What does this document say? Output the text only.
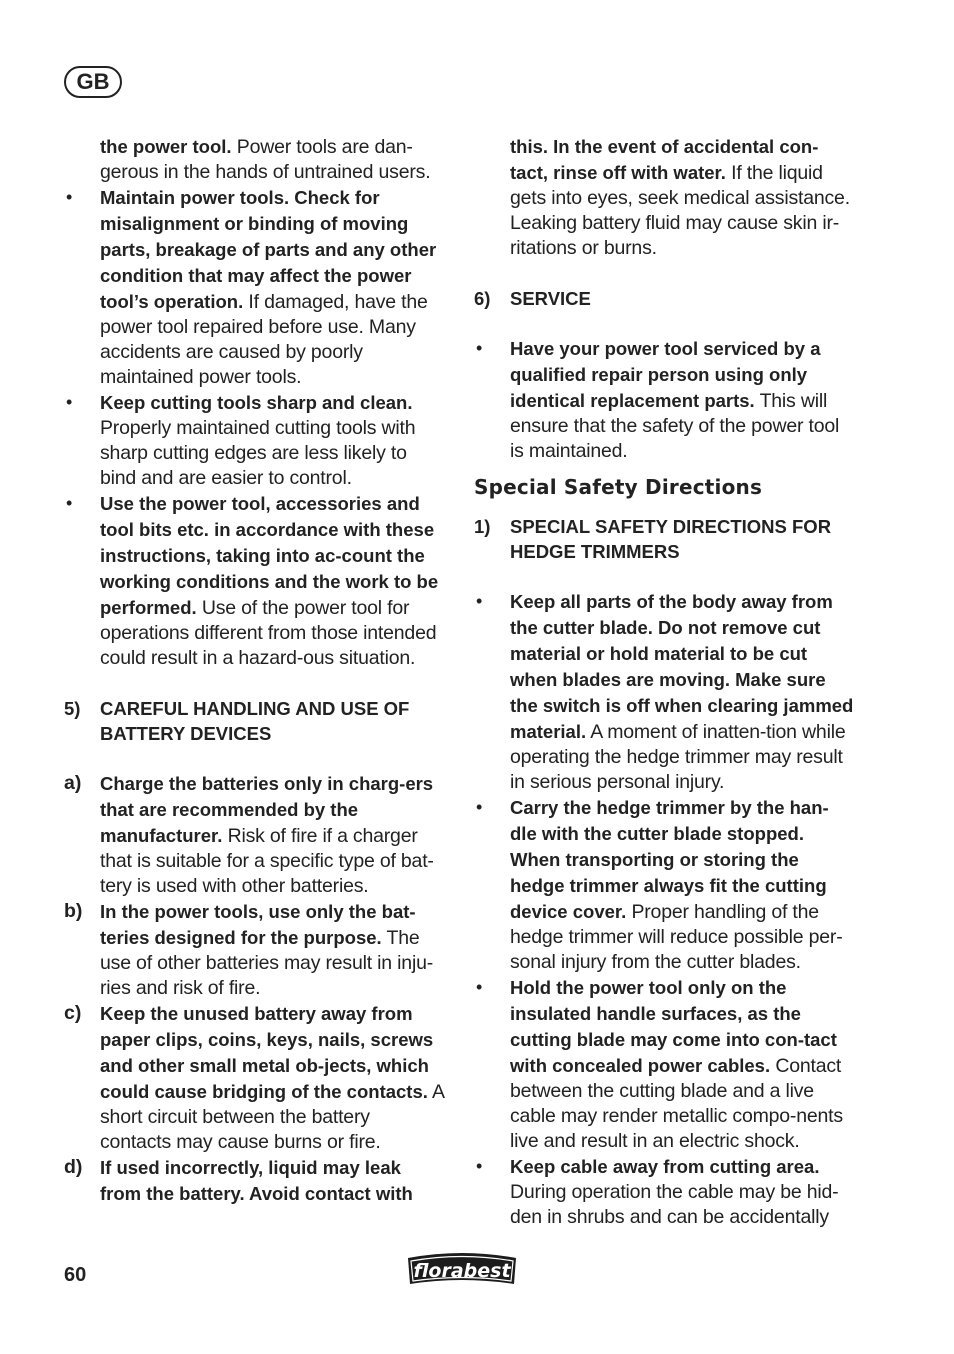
GB
the power tool. Power tools are dan-gerous in the hands of untrained users.
• Maintain power tools. Check for misalignment or binding of moving parts, breakage of parts and any other condition that may affect the power tool’s operation. If damaged, have the power tool repaired before use. Many accidents are caused by poorly maintained power tools.
• Keep cutting tools sharp and clean. Properly maintained cutting tools with sharp cutting edges are less likely to bind and are easier to control.
• Use the power tool, accessories and tool bits etc. in accordance with these instructions, taking into ac-count the working conditions and the work to be performed. Use of the power tool for operations different from those intended could result in a hazard-ous situation.
5) CAREFUL HANDLING AND USE OF BATTERY DEVICES
a) Charge the batteries only in charg-ers that are recommended by the manufacturer. Risk of fire if a charger that is suitable for a specific type of bat-tery is used with other batteries.
b) In the power tools, use only the bat-teries designed for the purpose. The use of other batteries may result in inju-ries and risk of fire.
c) Keep the unused battery away from paper clips, coins, keys, nails, screws and other small metal ob-jects, which could cause bridging of the contacts. A short circuit between the battery contacts may cause burns or fire.
d) If used incorrectly, liquid may leak from the battery. Avoid contact with
this. In the event of accidental con-tact, rinse off with water. If the liquid gets into eyes, seek medical assistance. Leaking battery fluid may cause skin ir-ritations or burns.
6) SERVICE
• Have your power tool serviced by a qualified repair person using only identical replacement parts. This will ensure that the safety of the power tool is maintained.
Special Safety Directions
1) SPECIAL SAFETY DIRECTIONS FOR HEDGE TRIMMERS
• Keep all parts of the body away from the cutter blade. Do not remove cut material or hold material to be cut when blades are moving. Make sure the switch is off when clearing jammed material. A moment of inatten-tion while operating the hedge trimmer may result in serious personal injury.
• Carry the hedge trimmer by the han-dle with the cutter blade stopped. When transporting or storing the hedge trimmer always fit the cutting device cover. Proper handling of the hedge trimmer will reduce possible per-sonal injury from the cutter blades.
• Hold the power tool only on the insulated handle surfaces, as the cutting blade may come into con-tact with concealed power cables. Contact between the cutting blade and a live cable may render metallic compo-nents live and result in an electric shock.
• Keep cable away from cutting area. During operation the cable may be hid-den in shrubs and can be accidentally
60	florabest
